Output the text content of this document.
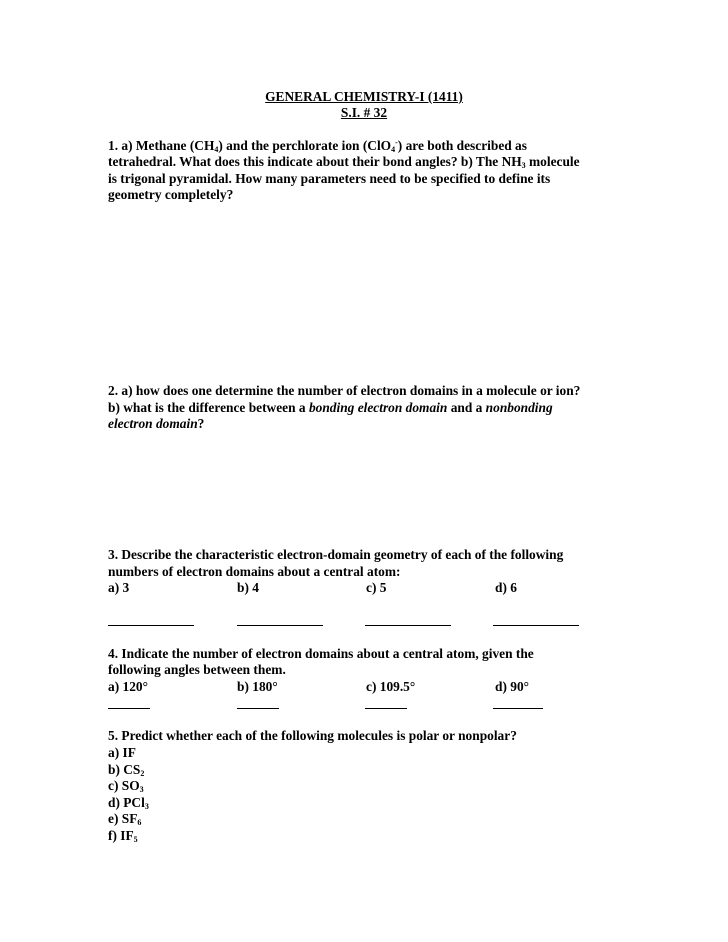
GENERAL CHEMISTRY-I (1411)
S.I. # 32
1. a) Methane $(CH_4)$ and the perchlorate ion (ClO$_4$-) are both described as
tetrahedral. What does this indicate about their bond angles? b) The $NH_3$ molecule
is trigonal pyramidal. How many parameters need to be specified to define its
geometry completely?
2. a) how does one determine the number of electron domains in a molecule or ion?
b) what is the difference between a bonding electron domain and a nonbonding
electron domain?
3. Describe the characteristic electron-domain geometry of each of the following
numbers of electron domains about a central atom:
a) 3	b) 4	c) 5	d) 6
4. Indicate the number of electron domains about a central atom, given the
following angles between them.
a) 120°	b) 180°	c) 109.5°	d) 90°
5. Predict whether each of the following molecules is polar or nonpolar?
a) IF
b) $CS_2$
c) $SO_3$
d) PCl$_3$
e) $SF_6$
f) $IF_5$
